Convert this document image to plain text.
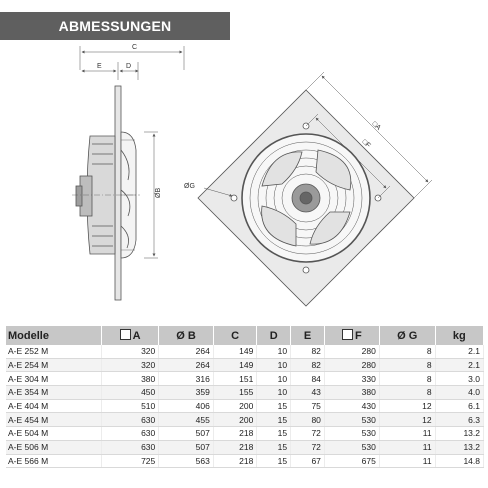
ABMESSUNGEN
C
E	D
ØB
□A
□F
ØG
Modelle	A	Ø B	C	D	E	F	Ø G	kg
A-E 252 M	320	264	149	10	82	280	8	2.1
A-E 254 M	320	264	149	10	82	280	8	2.1
A-E 304 M	380	316	151	10	84	330	8	3.0
A-E 354 M	450	359	155	10	43	380	8	4.0
A-E 404 M	510	406	200	15	75	430	12	6.1
A-E 454 M	630	455	200	15	80	530	12	6.3
A-E 504 M	630	507	218	15	72	530	11	13.2
A-E 506 M	630	507	218	15	72	530	11	13.2
A-E 566 M	725	563	218	15	67	675	11	14.8
